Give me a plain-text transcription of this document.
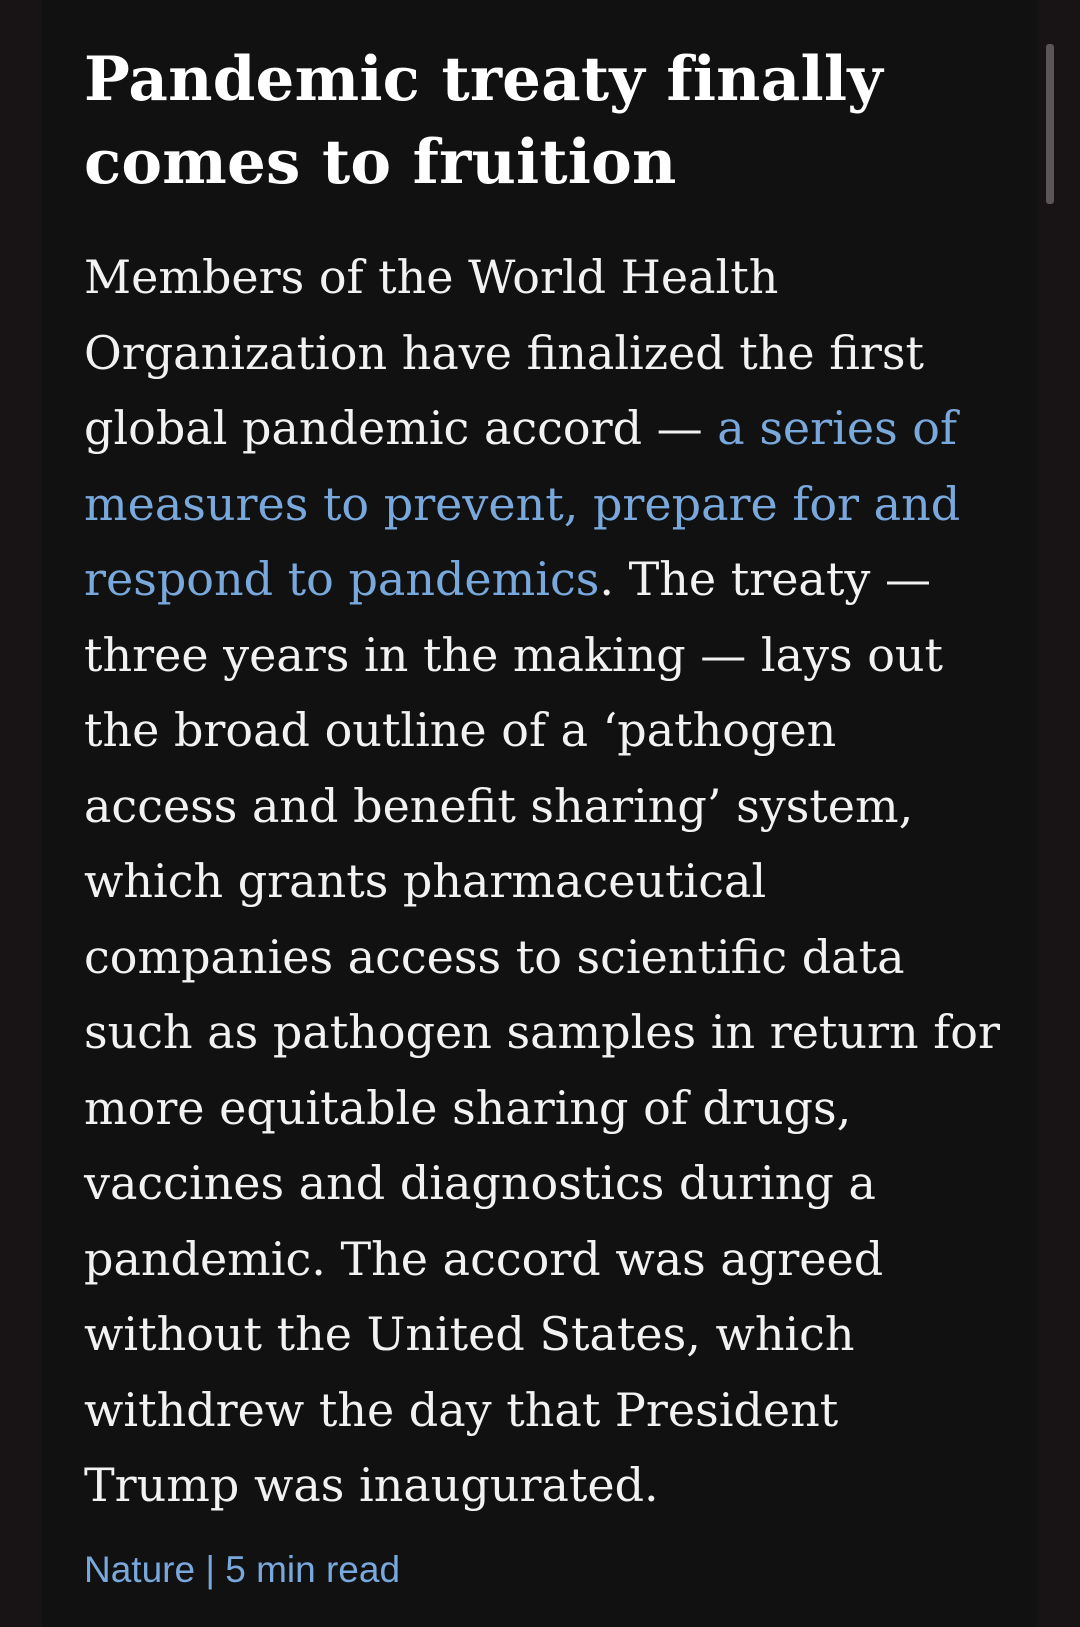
Pandemic treaty finally comes to fruition

Members of the World Health Organization have finalized the first global pandemic accord — a series of measures to prevent, prepare for and respond to pandemics. The treaty — three years in the making — lays out the broad outline of a ‘pathogen access and benefit sharing’ system, which grants pharmaceutical companies access to scientific data such as pathogen samples in return for more equitable sharing of drugs, vaccines and diagnostics during a pandemic. The accord was agreed without the United States, which withdrew the day that President Trump was inaugurated.

Nature | 5 min read
